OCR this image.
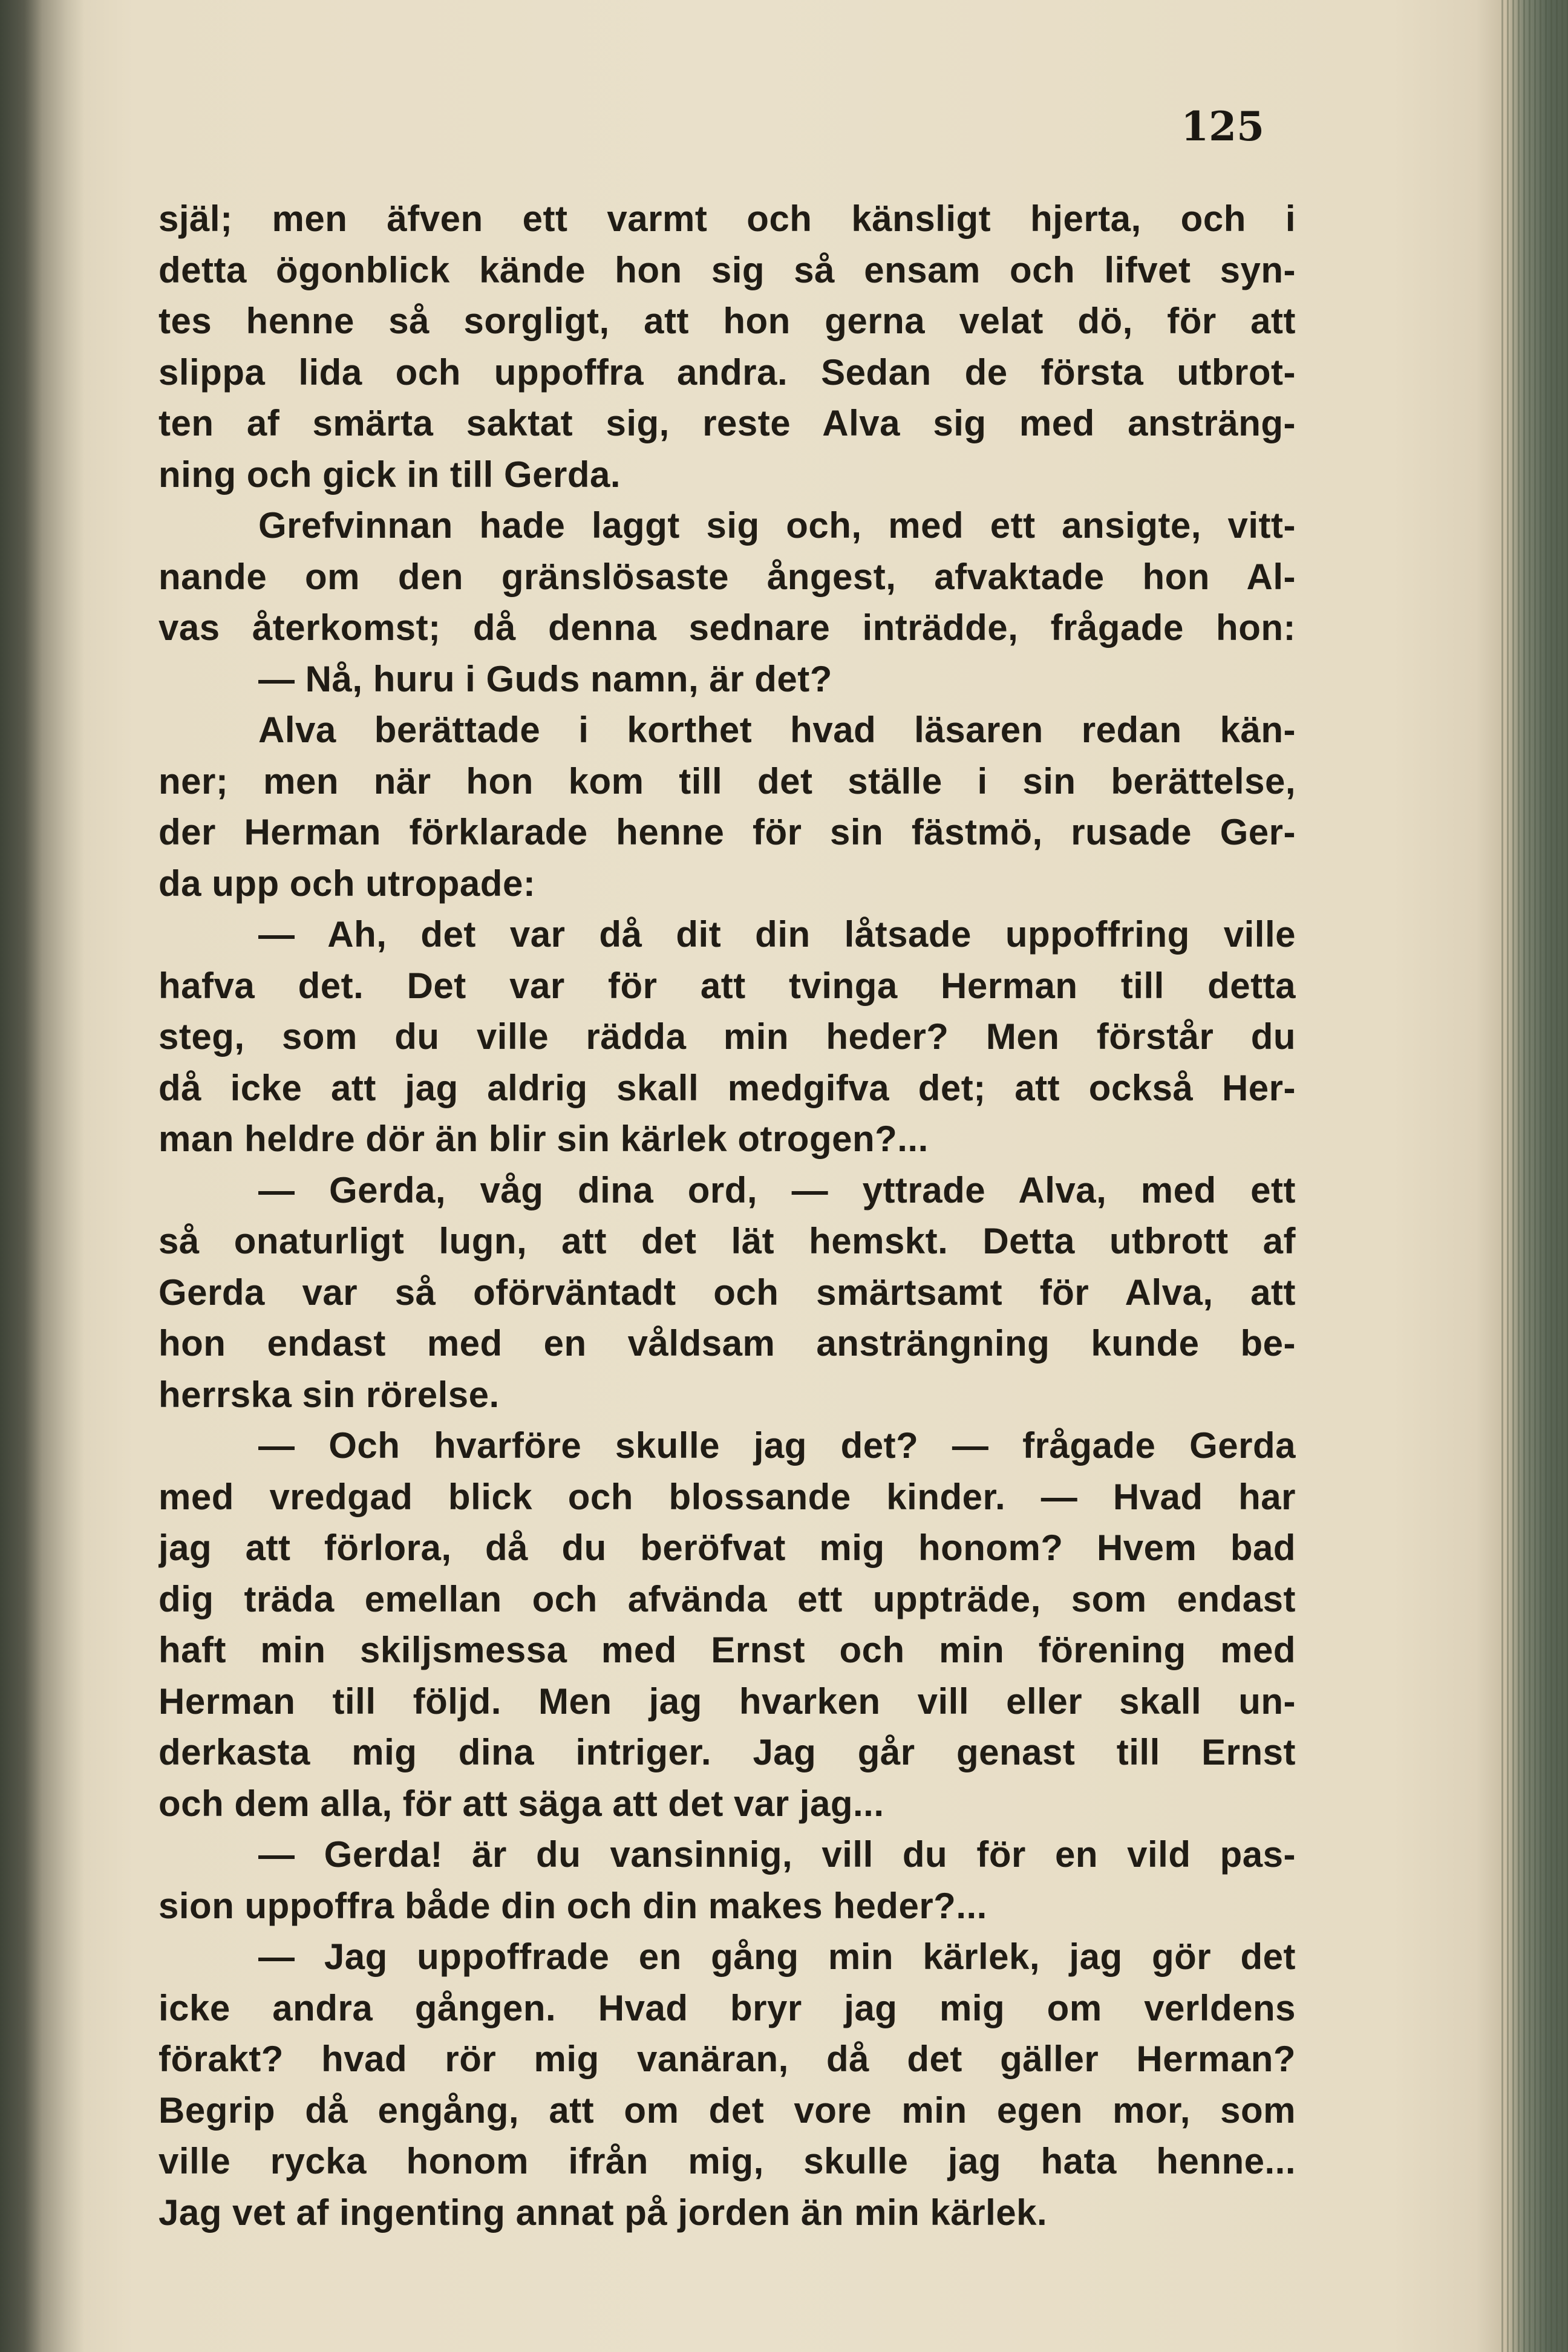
125
själ; men äfven ett varmt och känsligt hjerta, och i
detta ögonblick kände hon sig så ensam och lifvet syn-
tes henne så sorgligt, att hon gerna velat dö, för att
slippa lida och uppoffra andra. Sedan de första utbrot-
ten af smärta saktat sig, reste Alva sig med ansträng-
ning och gick in till Gerda.
Grefvinnan hade laggt sig och, med ett ansigte, vitt-
nande om den gränslösaste ångest, afvaktade hon Al-
vas återkomst; då denna sednare inträdde, frågade hon:
— Nå, huru i Guds namn, är det?
Alva berättade i korthet hvad läsaren redan kän-
ner; men när hon kom till det ställe i sin berättelse,
der Herman förklarade henne för sin fästmö, rusade Ger-
da upp och utropade:
— Ah, det var då dit din låtsade uppoffring ville
hafva det. Det var för att tvinga Herman till detta
steg, som du ville rädda min heder? Men förstår du
då icke att jag aldrig skall medgifva det; att också Her-
man heldre dör än blir sin kärlek otrogen?...
— Gerda, våg dina ord, — yttrade Alva, med ett
så onaturligt lugn, att det lät hemskt. Detta utbrott af
Gerda var så oförväntadt och smärtsamt för Alva, att
hon endast med en våldsam ansträngning kunde be-
herrska sin rörelse.
— Och hvarföre skulle jag det? — frågade Gerda
med vredgad blick och blossande kinder. — Hvad har
jag att förlora, då du beröfvat mig honom? Hvem bad
dig träda emellan och afvända ett uppträde, som endast
haft min skiljsmessa med Ernst och min förening med
Herman till följd. Men jag hvarken vill eller skall un-
derkasta mig dina intriger. Jag går genast till Ernst
och dem alla, för att säga att det var jag...
— Gerda! är du vansinnig, vill du för en vild pas-
sion uppoffra både din och din makes heder?...
— Jag uppoffrade en gång min kärlek, jag gör det
icke andra gången. Hvad bryr jag mig om verldens
förakt? hvad rör mig vanäran, då det gäller Herman?
Begrip då engång, att om det vore min egen mor, som
ville rycka honom ifrån mig, skulle jag hata henne...
Jag vet af ingenting annat på jorden än min kärlek.
